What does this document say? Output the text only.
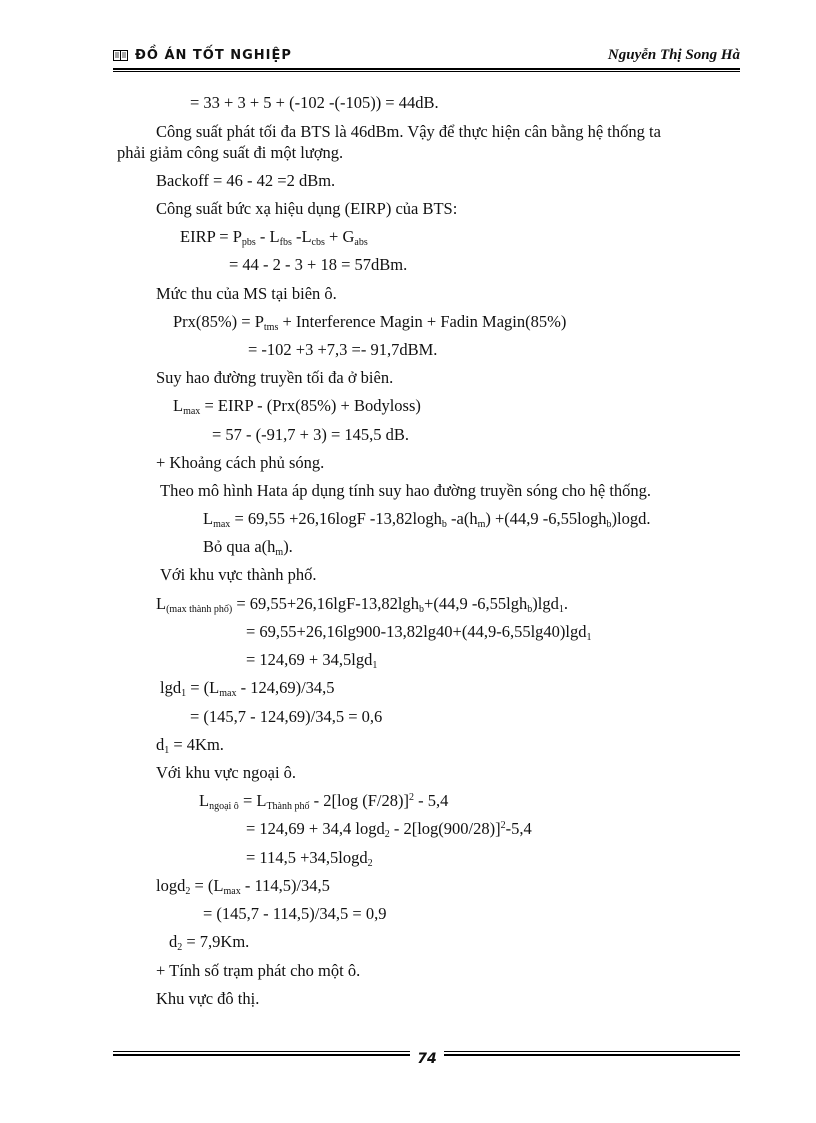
ĐỒ ÁN TỐT NGHIỆP	Nguyễn Thị Song Hà
= 33 + 3 + 5 + (-102 -(-105)) = 44dB.
Công suất phát tối đa BTS là 46dBm. Vậy để thực hiện cân bằng hệ thống ta
phải giảm công suất đi một lượng.
Backoff = 46 - 42 =2 dBm.
Công suất bức xạ hiệu dụng (EIRP) của BTS:
EIRP = $P_{pbs} - L_{fbs}$ $-L_{cbs} + G_{abs}$
= 44 - 2 - 3 + 18 = 57dBm.
Mức thu của MS tại biên ô.
$Prx(85\%) = P_{tms}$ + Interference Magin + Fadin Magin(85%)
= -102 +3 +7,3 =- 91,7dBM.
Suy hao đường truyền tối đa ở biên.
$L_{max}$ = EIRP - (Prx(85%) + Bodyloss)
= 57 - (-91,7 + 3) = 145,5 dB.
+ Khoảng cách phủ sóng.
Theo mô hình Hata áp dụng tính suy hao đường truyền sóng cho hệ thống.
$L_{max} = 69,55 +26,16\log F$ -13,82logh$_b$ $-a(h_m) +(44,9$ -6,55logh$_b$)logd.
Bỏ qua $a(h_m)$.
Với khu vực thành phố.
$L_{(max thành phố)} = 69,55+26,16\lg F-13,82\lg h_b+(44,9$ -6,55lgh$_b$)lgd$_1$.
= 69,55+26,16lg900-13,82lg40+(44,9-6,55lg40)lgd$_1$
= 124,69 + 34,5lgd$_1$
$\lg d_1 = (L_{max} - 124,69)/34,5$
= (145,7 - 124,69)/34,5 = 0,6
$d_1 = 4Km$.
Với khu vực ngoại ô.
$L_{ngoại ô} = L_{Thành phố} - 2[\log$ (F/28)]$^2$ - 5,4
= 124,69 + 34,4 $\log d_2 - 2[\log(900/28)]^2-5,4$
= 114,5 +34,5logd$_2$
$\log d_2 = (L_{max} - 114,5)/34,5$
= (145,7 - 114,5)/34,5 = 0,9
$d_2 = 7,9Km$.
+ Tính số trạm phát cho một ô.
Khu vực đô thị.
74
